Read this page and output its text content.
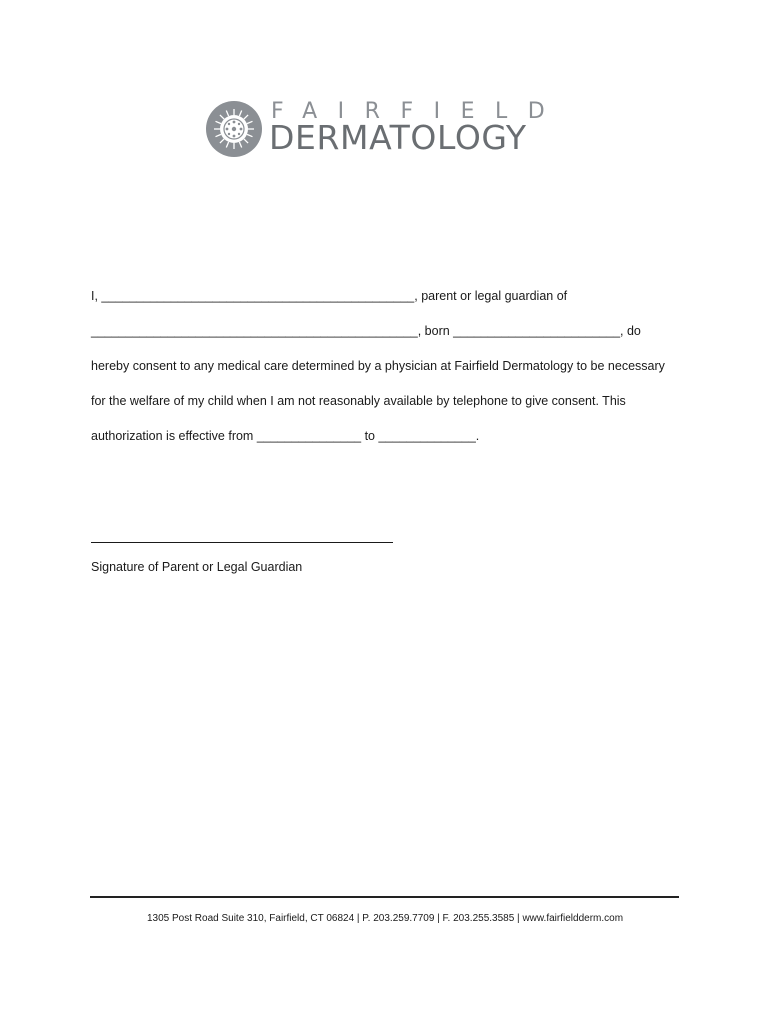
FAIRFIELD
DERMATOLOGY
I, _____________________________________________, parent or legal guardian of
_______________________________________________, born ________________________, do
hereby consent to any medical care determined by a physician at Fairfield Dermatology to be necessary
for the welfare of my child when I am not reasonably available by telephone to give consent. This
authorization is effective from _______________ to ______________.
Signature of Parent or Legal Guardian
1305 Post Road Suite 310, Fairfield, CT 06824 | P. 203.259.7709 | F. 203.255.3585 | www.fairfieldderm.com
